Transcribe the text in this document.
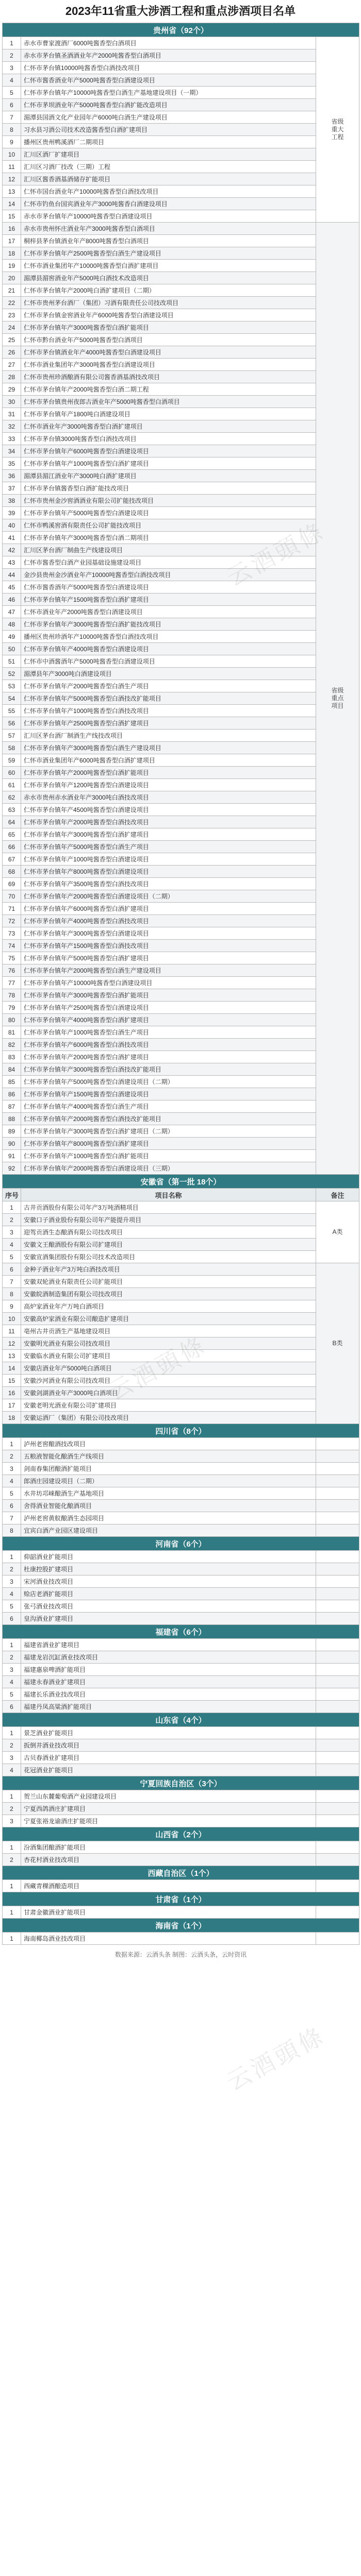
2023年11省重大涉酒工程和重点涉酒项目名单
贵州省（92个）		
1	赤水市曹家渡酒厂6000吨酱香型白酒项目	省级
重大
工程
2	赤水市茅台镇圣酒酒业年产2000吨酱香型白酒项目	
3	仁怀市茅台镇10000吨酱香型白酒技改项目	
4	仁怀市酱香酒业年产5000吨酱香型白酒建设项目	
5	仁怀市茅台镇年产10000吨酱香型白酒生产基地建设项目（一期）	
6	仁怀市茅坝酒业年产5000吨酱香型白酒扩能改造项目	
7	湄潭县国酒文化产业园年产6000吨白酒生产建设项目	
8	习水县习酒公司技术改造酱香型白酒扩建项目	
9	播州区贵州鸭溪酒厂二期项目	
10	汇川区酒厂扩建项目	
11	汇川区习酒厂技改（三期）工程	
12	汇川区酱香酒基酒储存扩能项目	
13	仁怀市国台酒业年产10000吨酱香型白酒技改项目	
14	仁怀市钓鱼台国宾酒业年产3000吨酱香白酒建设项目	
15	赤水市茅台镇年产10000吨酱香型白酒建设项目	
16	赤水市贵州怀庄酒业年产3000吨酱香型白酒项目	省级
重点
项目
17	桐梓县茅台镇酒业年产8000吨酱香型白酒项目	
18	仁怀市茅台镇年产2500吨酱香型白酒生产建设项目	
19	仁怀市酒业集团年产10000吨酱香型白酒扩建项目	
20	湄潭县湄窖酒业年产5000吨白酒技术改造项目	
21	仁怀市茅台镇年产2000吨白酒扩建项目（二期）	
22	仁怀市贵州茅台酒厂（集团）习酒有限责任公司技改项目	
23	仁怀市茅台镇金窖酒业年产6000吨酱香型白酒建设项目	
24	仁怀市茅台镇年产3000吨酱香型白酒扩能项目	
25	仁怀市黔台酒业年产5000吨酱香型白酒项目	
26	仁怀市茅台镇酒业年产4000吨酱香型白酒建设项目	
27	仁怀市酒业集团年产3000吨酱香型白酒建设项目	
28	仁怀市贵州珍酒酿酒有限公司酱香酒基酒技改项目	
29	仁怀市茅台镇年产2000吨酱香型白酒二期工程	
30	仁怀市茅台镇贵州夜郎古酒业年产5000吨酱香型白酒项目	
31	仁怀市茅台镇年产1800吨白酒建设项目	
32	仁怀市酒业年产3000吨酱香型白酒扩建项目	
33	仁怀市茅台镇3000吨酱香型白酒技改项目	
34	仁怀市茅台镇年产6000吨酱香型白酒建设项目	
35	仁怀市茅台镇年产1000吨酱香型白酒扩建项目	
36	湄潭县湄江酒业年产3000吨白酒扩建项目	
37	仁怀市茅台镇酱香型白酒扩能技改项目	
38	仁怀市贵州金沙窖酒酒业有限公司扩能技改项目	
39	仁怀市茅台镇年产5000吨酱香型白酒建设项目	
40	仁怀市鸭溪窖酒有限责任公司扩能技改项目	
41	仁怀市茅台镇年产3000吨酱香型白酒二期项目	
42	汇川区茅台酒厂制曲生产线建设项目	
43	仁怀市酱香型白酒产业园基础设施建设项目	
44	金沙县贵州金沙酒业年产10000吨酱香型白酒技改项目	
45	仁怀市酱香酒年产5000吨酱香型白酒建设项目	
46	仁怀市茅台镇年产1500吨酱香型白酒扩建项目	
47	仁怀市酒业年产2000吨酱香型白酒建设项目	
48	仁怀市茅台镇年产3000吨酱香型白酒扩能技改项目	
49	播州区贵州珍酒年产10000吨酱香型白酒技改项目	
50	仁怀市茅台镇年产4000吨酱香型白酒建设项目	
51	仁怀市中酒酱酒年产5000吨酱香型白酒建设项目	
52	湄潭县年产3000吨白酒建设项目	
53	仁怀市茅台镇年产2000吨酱香型白酒生产项目	
54	仁怀市茅台镇年产5000吨酱香型白酒技改扩能项目	
55	仁怀市茅台镇年产1000吨酱香型白酒技改项目	
56	仁怀市茅台镇年产2500吨酱香型白酒扩建项目	
57	汇川区茅台酒厂制酒生产线技改项目	
58	仁怀市茅台镇年产3000吨酱香型白酒生产建设项目	
59	仁怀市酒业集团年产6000吨酱香型白酒扩建项目	
60	仁怀市茅台镇年产2000吨酱香型白酒扩能项目	
61	仁怀市茅台镇年产1200吨酱香型白酒建设项目	
62	赤水市贵州赤水酒业年产3000吨白酒技改项目	
63	仁怀市茅台镇年产4500吨酱香型白酒建设项目	
64	仁怀市茅台镇年产2000吨酱香型白酒技改项目	
65	仁怀市茅台镇年产3000吨酱香型白酒扩建项目	
66	仁怀市茅台镇年产5000吨酱香型白酒生产项目	
67	仁怀市茅台镇年产1000吨酱香型白酒建设项目	
68	仁怀市茅台镇年产8000吨酱香型白酒建设项目	
69	仁怀市茅台镇年产3500吨酱香型白酒技改项目	
70	仁怀市茅台镇年产2000吨酱香型白酒建设项目（二期）	
71	仁怀市茅台镇年产6000吨酱香型白酒扩建项目	
72	仁怀市茅台镇年产4000吨酱香型白酒技改项目	
73	仁怀市茅台镇年产3000吨酱香型白酒建设项目	
74	仁怀市茅台镇年产1500吨酱香型白酒技改项目	
75	仁怀市茅台镇年产5000吨酱香型白酒扩建项目	
76	仁怀市茅台镇年产2000吨酱香型白酒生产建设项目	
77	仁怀市茅台镇年产10000吨酱香型白酒建设项目	
78	仁怀市茅台镇年产3000吨酱香型白酒扩能项目	
79	仁怀市茅台镇年产2500吨酱香型白酒建设项目	
80	仁怀市茅台镇年产4000吨酱香型白酒扩建项目	
81	仁怀市茅台镇年产1000吨酱香型白酒生产项目	
82	仁怀市茅台镇年产6000吨酱香型白酒技改项目	
83	仁怀市茅台镇年产2000吨酱香型白酒扩建项目	
84	仁怀市茅台镇年产3000吨酱香型白酒技改扩能项目	
85	仁怀市茅台镇年产5000吨酱香型白酒建设项目（二期）	
86	仁怀市茅台镇年产1500吨酱香型白酒建设项目	
87	仁怀市茅台镇年产4000吨酱香型白酒生产项目	
88	仁怀市茅台镇年产2000吨酱香型白酒技改扩能项目	
89	仁怀市茅台镇年产3000吨酱香型白酒扩建项目（二期）	
90	仁怀市茅台镇年产8000吨酱香型白酒扩建项目	
91	仁怀市茅台镇年产1000吨酱香型白酒扩能项目	
92	仁怀市茅台镇年产2000吨酱香型白酒建设项目（三期）	
安徽省（第一批 18个）		
序号	项目名称	备注
1	古井贡酒股份有限公司年产3万吨酒精项目	A类
2	安徽口子酒业股份有限公司年产能提升项目	
3	迎驾贡酒生态酿酒有限公司技改项目	
4	安徽文王酿酒股份有限公司扩建项目	
5	安徽宣酒集团股份有限公司技术改造项目	
6	金种子酒业年产3万吨白酒技改项目	B类
7	安徽双轮酒业有限责任公司扩能项目	
8	安徽皖酒制造集团有限公司技改项目	
9	高炉家酒业年产万吨白酒项目	
10	安徽高炉家酒业有限公司酿造扩建项目	
11	亳州古井贡酒生产基地建设项目	
12	安徽明光酒业有限公司技改项目	
13	安徽临水酒业有限公司扩建项目	
14	安徽店酒业年产5000吨白酒项目	
15	安徽沙河酒业有限公司技改项目	
16	安徽剑湖酒业年产3000吨白酒项目	
17	安徽老明光酒业有限公司扩建项目	
18	安徽运酒厂（集团）有限公司技改项目	
四川省（8个）		
1	泸州老窖酿酒技改项目	
2	五粮液智能化酿酒生产线项目	
3	剑南春集团酿酒扩能项目	
4	郎酒庄园建设项目（二期）	
5	水井坊邛崃酿酒生产基地项目	
6	舍得酒业智能化酿酒项目	
7	泸州老窖黄舣酿酒生态园项目	
8	宜宾白酒产业园区建设项目	
河南省（6个）		
1	仰韶酒业扩能项目	
2	杜康控股扩建项目	
3	宋河酒业技改项目	
4	赊店老酒扩能项目	
5	张弓酒业技改项目	
6	皇沟酒业扩建项目	
福建省（6个）		
1	福建省酒业扩建项目	
2	福建龙岩沉缸酒业技改项目	
3	福建惠泉啤酒扩能项目	
4	福建永春酒业扩建项目	
5	福建长乐酒业技改项目	
6	福建丹凤高粱酒扩能项目	
山东省（4个）		
1	景芝酒业扩能项目	
2	扳倒井酒业技改项目	
3	古贝春酒业扩建项目	
4	花冠酒业扩能项目	
宁夏回族自治区（3个）		
1	贺兰山东麓葡萄酒产业园建设项目	
2	宁夏西鸽酒庄扩建项目	
3	宁夏张裕龙谕酒庄扩能项目	
山西省（2个）		
1	汾酒集团酿酒扩能项目	
2	杏花村酒业技改项目	
西藏自治区（1个）		
1	西藏青稞酒酿造项目	
甘肃省（1个）		
1	甘肃金徽酒业扩能项目	
海南省（1个）		
1	海南椰岛酒业技改项目	
数据来源：云酒头条 制图：云酒头条，云时资讯		
云酒頭條
云酒頭條
